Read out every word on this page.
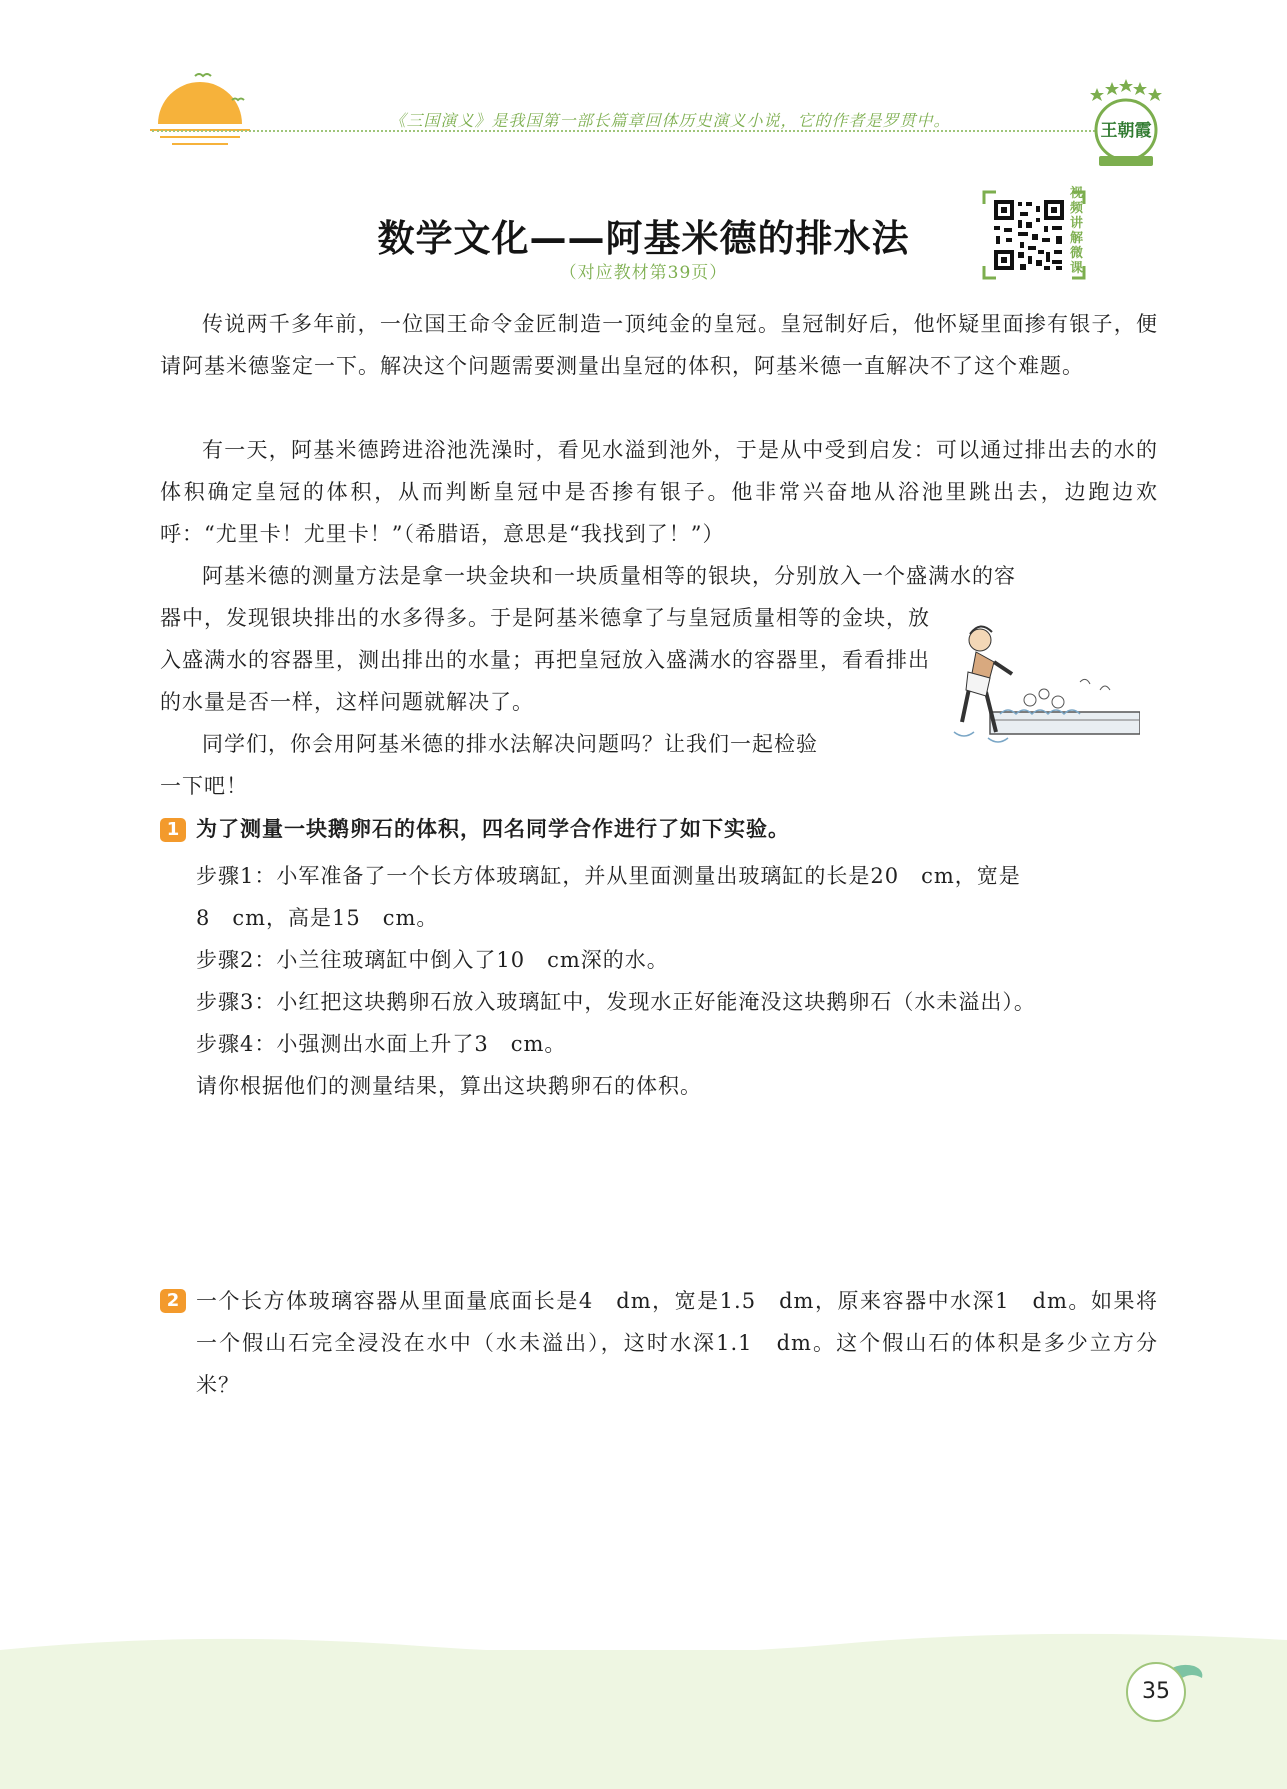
《三国演义》是我国第一部长篇章回体历史演义小说，它的作者是罗贯中。
王朝霞
数学文化——阿基米德的排水法
（对应教材第39页）
视频讲解微课

传说两千多年前，一位国王命令金匠制造一顶纯金的皇冠。皇冠制好后，他怀疑里面掺有银子，便请阿基米德鉴定一下。解决这个问题需要测量出皇冠的体积，阿基米德一直解决不了这个难题。

有一天，阿基米德跨进浴池洗澡时，看见水溢到池外，于是从中受到启发：可以通过排出去的水的体积确定皇冠的体积，从而判断皇冠中是否掺有银子。他非常兴奋地从浴池里跳出去，边跑边欢呼：“尤里卡！尤里卡！”（希腊语，意思是“我找到了！”）

阿基米德的测量方法是拿一块金块和一块质量相等的银块，分别放入一个盛满水的容

器中，发现银块排出的水多得多。于是阿基米德拿了与皇冠质量相等的金块，放入盛满水的容器里，测出排出的水量；再把皇冠放入盛满水的容器里，看看排出的水量是否一样，这样问题就解决了。

同学们，你会用阿基米德的排水法解决问题吗？让我们一起检验

一下吧！

1 为了测量一块鹅卵石的体积，四名同学合作进行了如下实验。

步骤1：小军准备了一个长方体玻璃缸，并从里面测量出玻璃缸的长是20　cm，宽是

8　cm，高是15　cm。

步骤2：小兰往玻璃缸中倒入了10　cm深的水。

步骤3：小红把这块鹅卵石放入玻璃缸中，发现水正好能淹没这块鹅卵石（水未溢出）。

步骤4：小强测出水面上升了3　cm。

请你根据他们的测量结果，算出这块鹅卵石的体积。

2 一个长方体玻璃容器从里面量底面长是4　dm，宽是1.5　dm，原来容器中水深1　dm。如果将一个假山石完全浸没在水中（水未溢出），这时水深1.1　dm。这个假山石的体积是多少立方分米？

35
